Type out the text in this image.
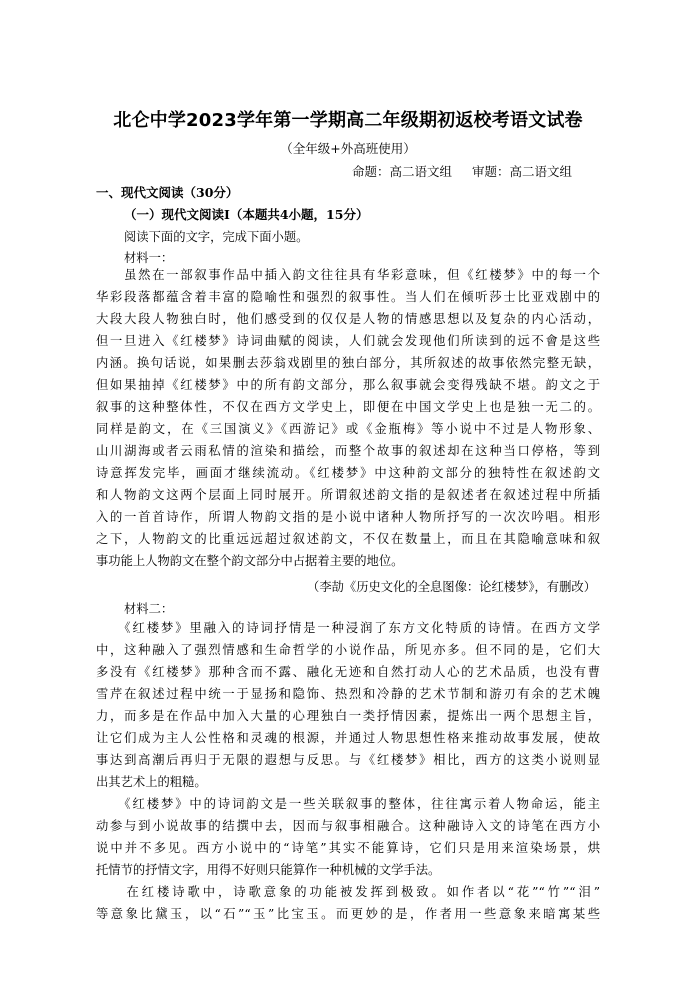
北仑中学2023学年第一学期高二年级期初返校考语文试卷
（全年级+外高班使用）
命题：高二语文组 审题：高二语文组
一、现代文阅读（30分）
（一）现代文阅读Ⅰ（本题共4小题，15分）
阅读下面的文字，完成下面小题。
材料一：
　　虽然在一部叙事作品中插入韵文往往具有华彩意味，但《红楼梦》中的每一个
华彩段落都蕴含着丰富的隐喻性和强烈的叙事性。当人们在倾听莎士比亚戏剧中的
大段大段人物独白时，他们感受到的仅仅是人物的情感思想以及复杂的内心活动，
但一旦进入《红楼梦》诗词曲赋的阅读，人们就会发现他们所读到的远不會是这些
内涵。换句话说，如果删去莎翁戏剧里的独白部分，其所叙述的故事依然完整无缺，
但如果抽掉《红楼梦》中的所有韵文部分，那么叙事就会变得残缺不堪。韵文之于
叙事的这种整体性，不仅在西方文学史上，即便在中国文学史上也是独一无二的。
同样是韵文，在《三国演义》《西游记》或《金瓶梅》等小说中不过是人物形象、
山川湖海或者云雨私情的渲染和描绘，而整个故事的叙述却在这种当口停格，等到
诗意挥发完毕，画面才继续流动。《红楼梦》中这种韵文部分的独特性在叙述韵文
和人物韵文这两个层面上同时展开。所谓叙述韵文指的是叙述者在叙述过程中所插
入的一首首诗作，所谓人物韵文指的是小说中诸种人物所抒写的一次次吟唱。相形
之下，人物韵文的比重远远超过叙述韵文，不仅在数量上，而且在其隐喻意味和叙
事功能上人物韵文在整个韵文部分中占据着主要的地位。
（李劼《历史文化的全息图像：论红楼梦》，有删改）
材料二：
　　《红楼梦》里融入的诗词抒情是一种浸润了东方文化特质的诗情。在西方文学
中，这种融入了强烈情感和生命哲学的小说作品，所见亦多。但不同的是，它们大
多没有《红楼梦》那种含而不露、融化无迹和自然打动人心的艺术品质，也没有曹
雪芹在叙述过程中统一于显扬和隐饰、热烈和冷静的艺术节制和游刃有余的艺术魄
力，而多是在作品中加入大量的心理独白一类抒情因素，提炼出一两个思想主旨，
让它们成为主人公性格和灵魂的根源，并通过人物思想性格来推动故事发展，使故
事达到高潮后再归于无限的遐想与反思。与《红楼梦》相比，西方的这类小说则显
出其艺术上的粗糙。
　　《红楼梦》中的诗词韵文是一些关联叙事的整体，往往寓示着人物命运，能主
动参与到小说故事的结撰中去，因而与叙事相融合。这种融诗入文的诗笔在西方小
说中并不多见。西方小说中的“诗笔”其实不能算诗，它们只是用来渲染场景，烘
托情节的抒情文字，用得不好则只能算作一种机械的文学手法。
　　在红楼诗歌中，诗歌意象的功能被发挥到极致。如作者以“花”“竹”“泪”
等意象比黛玉，以“石”“玉”比宝玉。而更妙的是，作者用一些意象来暗寓某些
